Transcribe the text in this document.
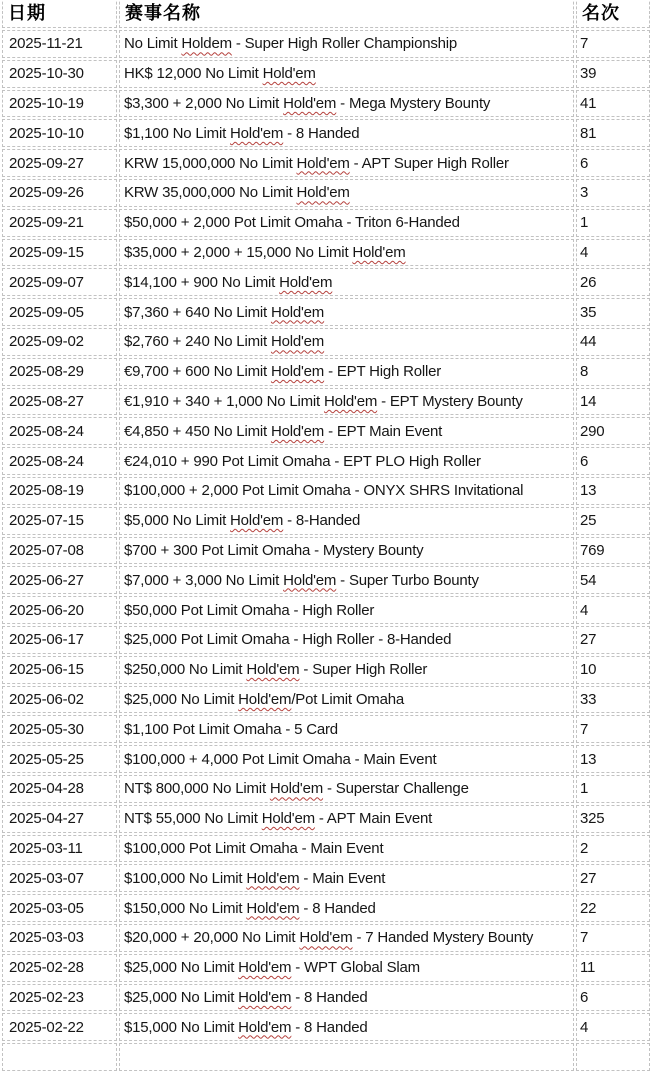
日期	赛事名称	名次
2025-11-21	No Limit Holdem - Super High Roller Championship	7
2025-10-30	HK$ 12,000 No Limit Hold'em	39
2025-10-19	$3,300 + 2,000 No Limit Hold'em - Mega Mystery Bounty	41
2025-10-10	$1,100 No Limit Hold'em - 8 Handed	81
2025-09-27	KRW 15,000,000 No Limit Hold'em - APT Super High Roller	6
2025-09-26	KRW 35,000,000 No Limit Hold'em	3
2025-09-21	$50,000 + 2,000 Pot Limit Omaha - Triton 6-Handed	1
2025-09-15	$35,000 + 2,000 + 15,000 No Limit Hold'em	4
2025-09-07	$14,100 + 900 No Limit Hold'em	26
2025-09-05	$7,360 + 640 No Limit Hold'em	35
2025-09-02	$2,760 + 240 No Limit Hold'em	44
2025-08-29	€9,700 + 600 No Limit Hold'em - EPT High Roller	8
2025-08-27	€1,910 + 340 + 1,000 No Limit Hold'em - EPT Mystery Bounty	14
2025-08-24	€4,850 + 450 No Limit Hold'em - EPT Main Event	290
2025-08-24	€24,010 + 990 Pot Limit Omaha - EPT PLO High Roller	6
2025-08-19	$100,000 + 2,000 Pot Limit Omaha - ONYX SHRS Invitational	13
2025-07-15	$5,000 No Limit Hold'em - 8-Handed	25
2025-07-08	$700 + 300 Pot Limit Omaha - Mystery Bounty	769
2025-06-27	$7,000 + 3,000 No Limit Hold'em - Super Turbo Bounty	54
2025-06-20	$50,000 Pot Limit Omaha - High Roller	4
2025-06-17	$25,000 Pot Limit Omaha - High Roller - 8-Handed	27
2025-06-15	$250,000 No Limit Hold'em - Super High Roller	10
2025-06-02	$25,000 No Limit Hold'em/Pot Limit Omaha	33
2025-05-30	$1,100 Pot Limit Omaha - 5 Card	7
2025-05-25	$100,000 + 4,000 Pot Limit Omaha - Main Event	13
2025-04-28	NT$ 800,000 No Limit Hold'em - Superstar Challenge	1
2025-04-27	NT$ 55,000 No Limit Hold'em - APT Main Event	325
2025-03-11	$100,000 Pot Limit Omaha - Main Event	2
2025-03-07	$100,000 No Limit Hold'em - Main Event	27
2025-03-05	$150,000 No Limit Hold'em - 8 Handed	22
2025-03-03	$20,000 + 20,000 No Limit Hold'em - 7 Handed Mystery Bounty	7
2025-02-28	$25,000 No Limit Hold'em - WPT Global Slam	11
2025-02-23	$25,000 No Limit Hold'em - 8 Handed	6
2025-02-22	$15,000 No Limit Hold'em - 8 Handed	4
